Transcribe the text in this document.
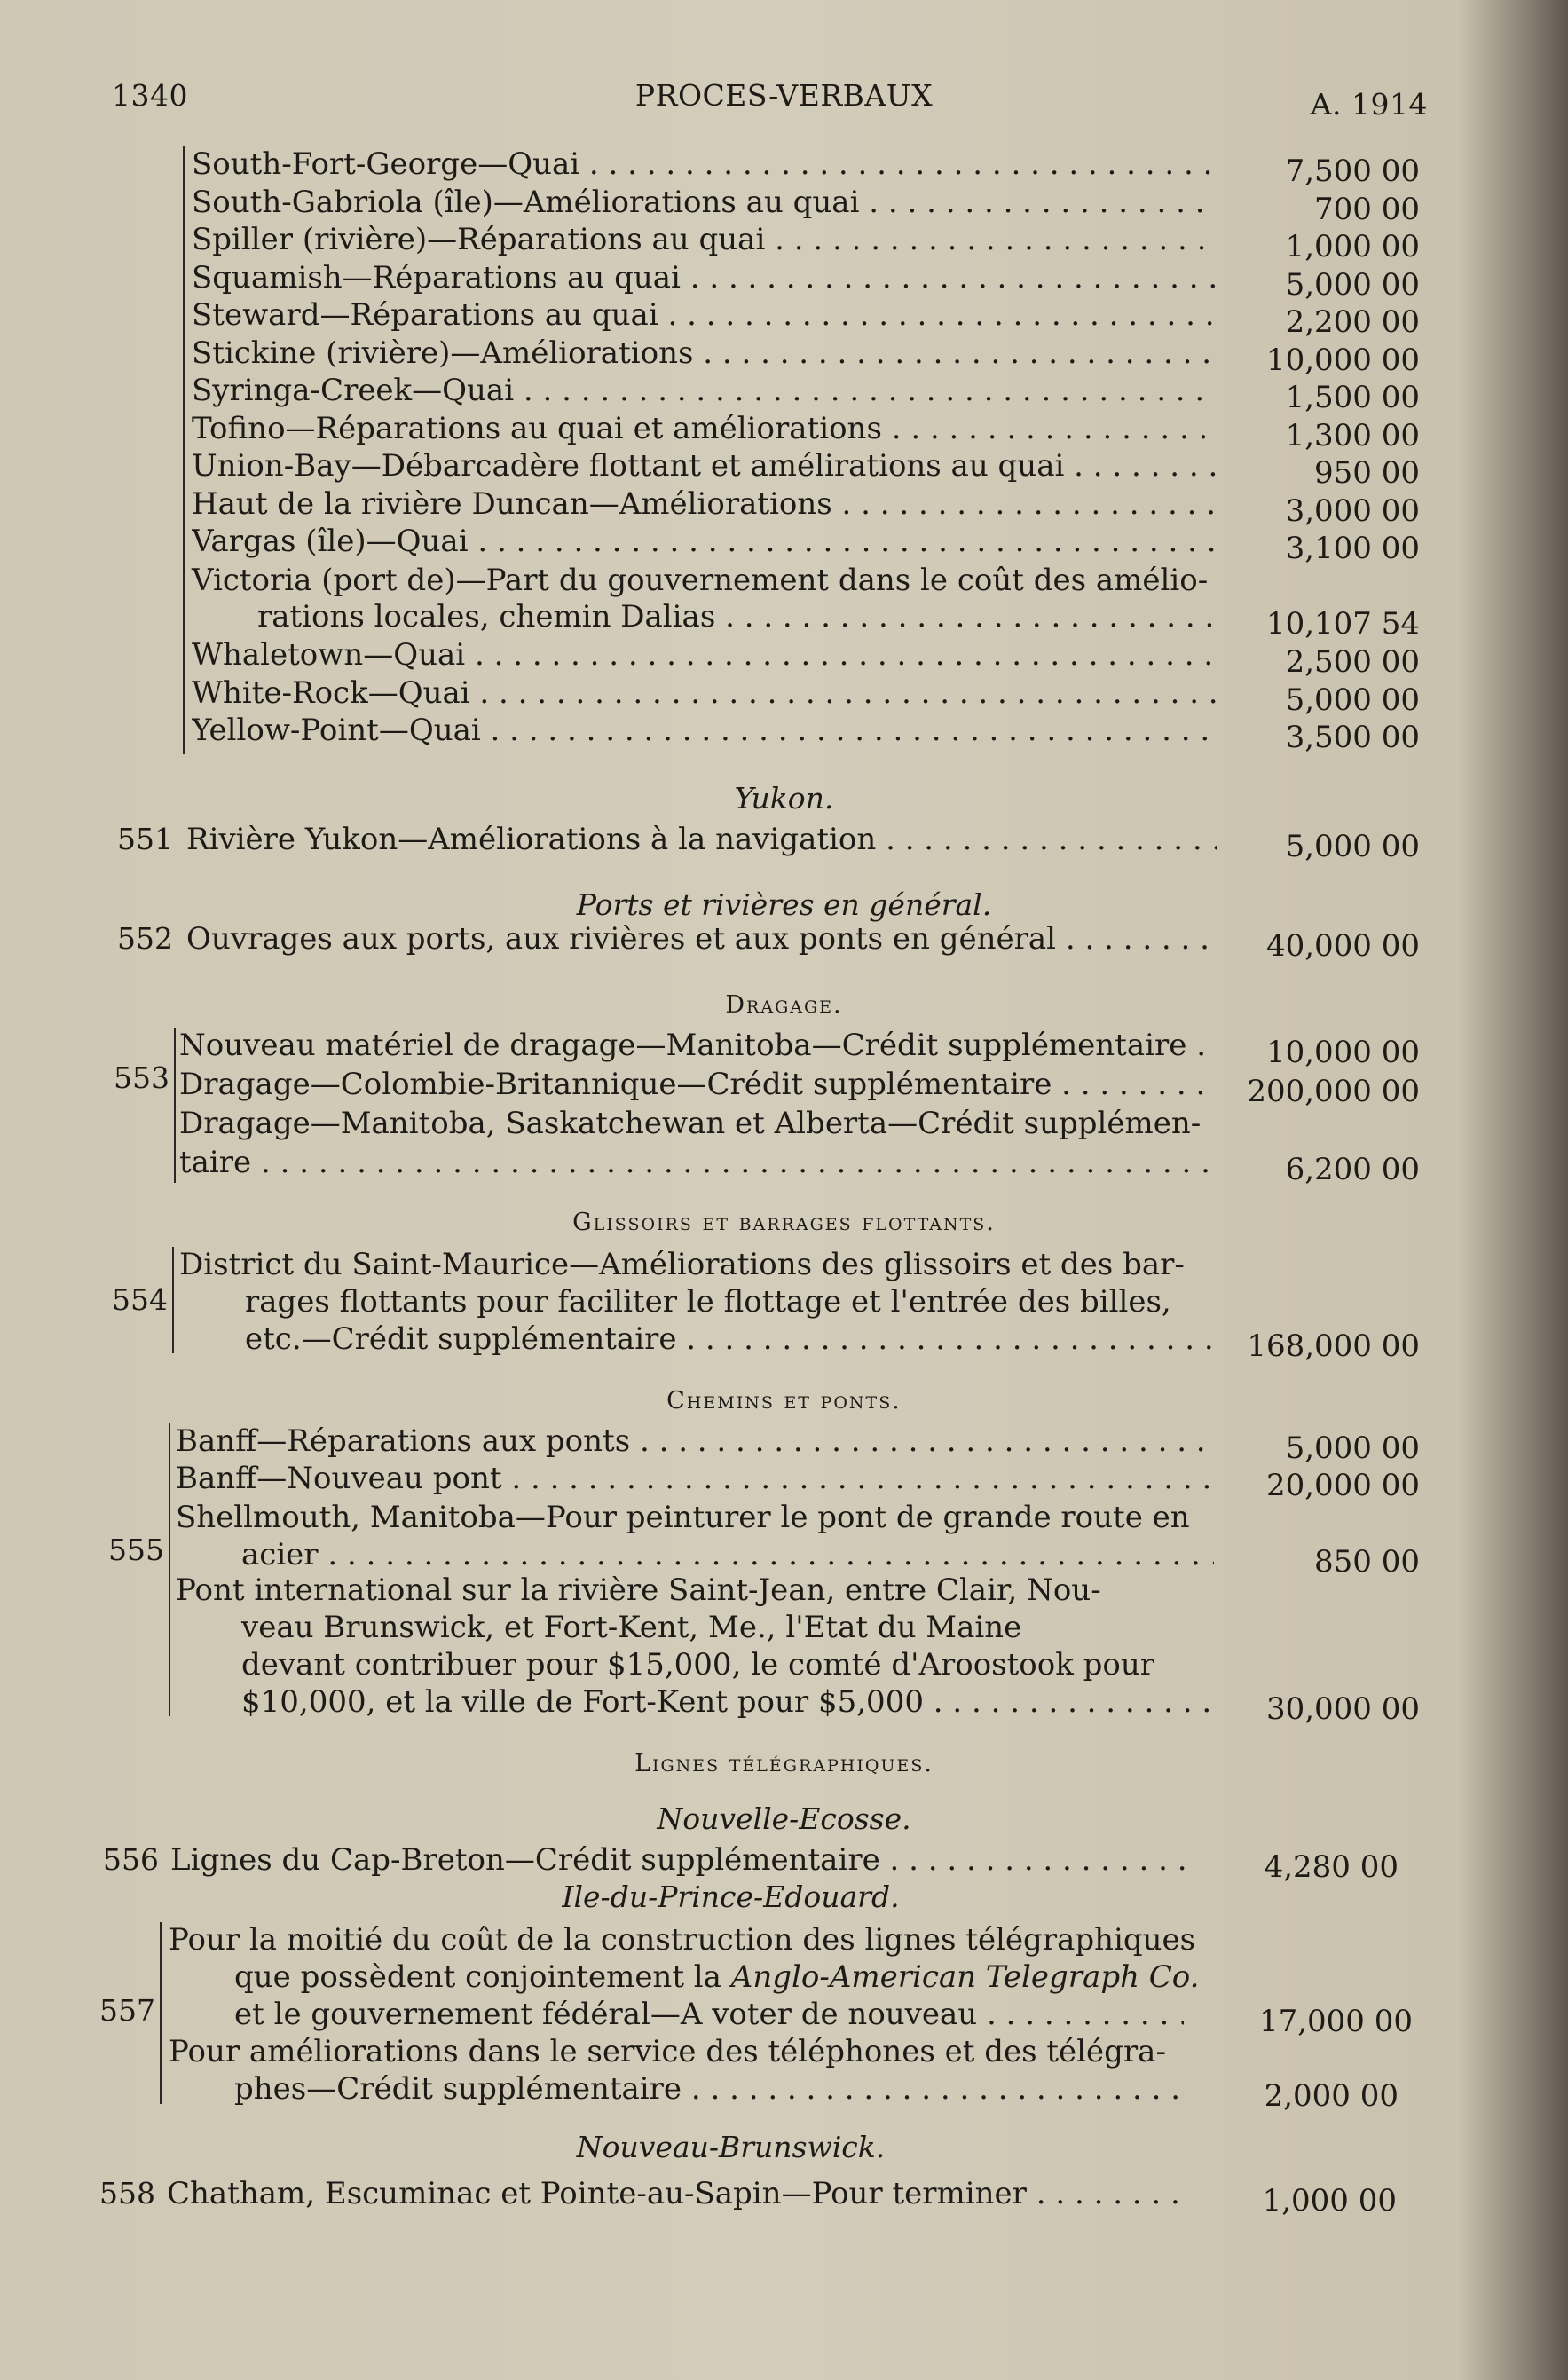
1340	PROCES-VERBAUX	A. 1914
South-Fort-George—Quai . . .	7,500 00
South-Gabriola (île)—Améliorations au quai . . .	700 00
Spiller (rivière)—Réparations au quai . . .	1,000 00
Squamish—Réparations au quai . . .	5,000 00
Steward—Réparations au quai . . .	2,200 00
Stickine (rivière)—Améliorations . . .	10,000 00
Syringa-Creek—Quai . . .	1,500 00
Tofino—Réparations au quai et améliorations . . .	1,300 00
Union-Bay—Débarcadère flottant et amélirations au quai . . .	950 00
Haut de la rivière Duncan—Améliorations . . .	3,000 00
Vargas (île)—Quai . . .	3,100 00
Victoria (port de)—Part du gouvernement dans le coût des amélio-
rations locales, chemin Dalias . . .	10,107 54
Whaletown—Quai . . .	2,500 00
White-Rock—Quai . . .	5,000 00
Yellow-Point—Quai . . .	3,500 00
Yukon.
551 Rivière Yukon—Améliorations à la navigation . . .	5,000 00
Ports et rivières en général.
552 Ouvrages aux ports, aux rivières et aux ponts en général . . .	40,000 00
Dragage.
553
Nouveau matériel de dragage—Manitoba—Crédit supplémentaire . . .	10,000 00
Dragage—Colombie-Britannique—Crédit supplémentaire . . .	200,000 00
Dragage—Manitoba, Saskatchewan et Alberta—Crédit supplémen-
taire . . .	6,200 00
Glissoirs et barrages flottants.
554
District du Saint-Maurice—Améliorations des glissoirs et des bar-
rages flottants pour faciliter le flottage et l'entrée des billes,
etc.—Crédit supplémentaire . . .	168,000 00
Chemins et ponts.
555
Banff—Réparations aux ponts . . .	5,000 00
Banff—Nouveau pont . . .	20,000 00
Shellmouth, Manitoba—Pour peinturer le pont de grande route en
acier . . .	850 00
Pont international sur la rivière Saint-Jean, entre Clair, Nou-
veau Brunswick, et Fort-Kent, Me., l'Etat du Maine
devant contribuer pour $15,000, le comté d'Aroostook pour
$10,000, et la ville de Fort-Kent pour $5,000 . . .	30,000 00
Lignes télégraphiques.
Nouvelle-Ecosse.
556 Lignes du Cap-Breton—Crédit supplémentaire . . .	4,280 00
Ile-du-Prince-Edouard.
557
Pour la moitié du coût de la construction des lignes télégraphiques
que possèdent conjointement la Anglo-American Telegraph Co.
et le gouvernement fédéral—A voter de nouveau . . .	17,000 00
Pour améliorations dans le service des téléphones et des télégra-
phes—Crédit supplémentaire . . .	2,000 00
Nouveau-Brunswick.
558 Chatham, Escuminac et Pointe-au-Sapin—Pour terminer . . .	1,000 00
